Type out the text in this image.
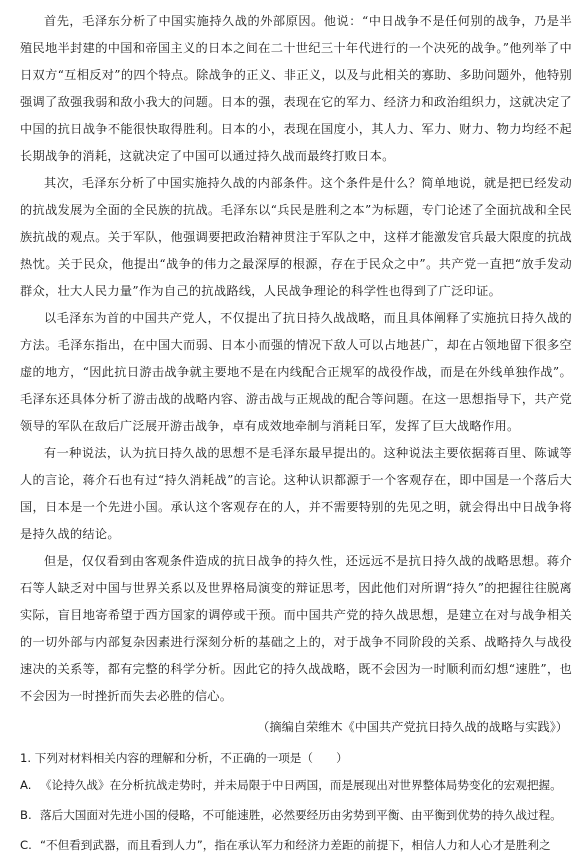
首先，毛泽东分析了中国实施持久战的外部原因。他说：“中日战争不是任何别的战争，乃是半殖民地半封建的中国和帝国主义的日本之间在二十世纪三十年代进行的一个决死的战争。”他列举了中日双方“互相反对”的四个特点。除战争的正义、非正义，以及与此相关的寡助、多助问题外，他特别强调了敌强我弱和敌小我大的问题。日本的强，表现在它的军力、经济力和政治组织力，这就决定了中国的抗日战争不能很快取得胜利。日本的小，表现在国度小，其人力、军力、财力、物力均经不起长期战争的消耗，这就决定了中国可以通过持久战而最终打败日本。

其次，毛泽东分析了中国实施持久战的内部条件。这个条件是什么？简单地说，就是把已经发动的抗战发展为全面的全民族的抗战。毛泽东以“兵民是胜利之本”为标题，专门论述了全面抗战和全民族抗战的观点。关于军队，他强调要把政治精神贯注于军队之中，这样才能激发官兵最大限度的抗战热忱。关于民众，他提出“战争的伟力之最深厚的根源，存在于民众之中”。共产党一直把“放手发动群众，壮大人民力量”作为自己的抗战路线，人民战争理论的科学性也得到了广泛印证。

以毛泽东为首的中国共产党人，不仅提出了抗日持久战战略，而且具体阐释了实施抗日持久战的方法。毛泽东指出，在中国大而弱、日本小而强的情况下敌人可以占地甚广，却在占领地留下很多空虚的地方，“因此抗日游击战争就主要地不是在内线配合正规军的战役作战，而是在外线单独作战”。毛泽东还具体分析了游击战的战略内容、游击战与正规战的配合等问题。在这一思想指导下，共产党领导的军队在敌后广泛展开游击战争，卓有成效地牵制与消耗日军，发挥了巨大战略作用。

有一种说法，认为抗日持久战的思想不是毛泽东最早提出的。这种说法主要依据蒋百里、陈诚等人的言论，蒋介石也有过“持久消耗战”的言论。这种认识都源于一个客观存在，即中国是一个落后大国，日本是一个先进小国。承认这个客观存在的人，并不需要特别的先见之明，就会得出中日战争将是持久战的结论。

但是，仅仅看到由客观条件造成的抗日战争的持久性，还远远不是抗日持久战的战略思想。蒋介石等人缺乏对中国与世界关系以及世界格局演变的辩证思考，因此他们对所谓“持久”的把握往往脱离实际，盲目地寄希望于西方国家的调停或干预。而中国共产党的持久战思想，是建立在对与战争相关的一切外部与内部复杂因素进行深刻分析的基础之上的，对于战争不同阶段的关系、战略持久与战役速决的关系等，都有完整的科学分析。因此它的持久战战略，既不会因为一时顺利而幻想“速胜”，也不会因为一时挫折而失去必胜的信心。

（摘编自荣维木《中国共产党抗日持久战的战略与实践》）

1. 下列对材料相关内容的理解和分析，不正确的一项是（　　）

A. 《论持久战》在分析抗战走势时，并未局限于中日两国，而是展现出对世界整体局势变化的宏观把握。

B. 落后大国面对先进小国的侵略，不可能速胜，必然要经历由劣势到平衡、由平衡到优势的持久战过程。

C. “不但看到武器，而且看到人力”，指在承认军力和经济力差距的前提下，相信人力和人心才是胜利之
